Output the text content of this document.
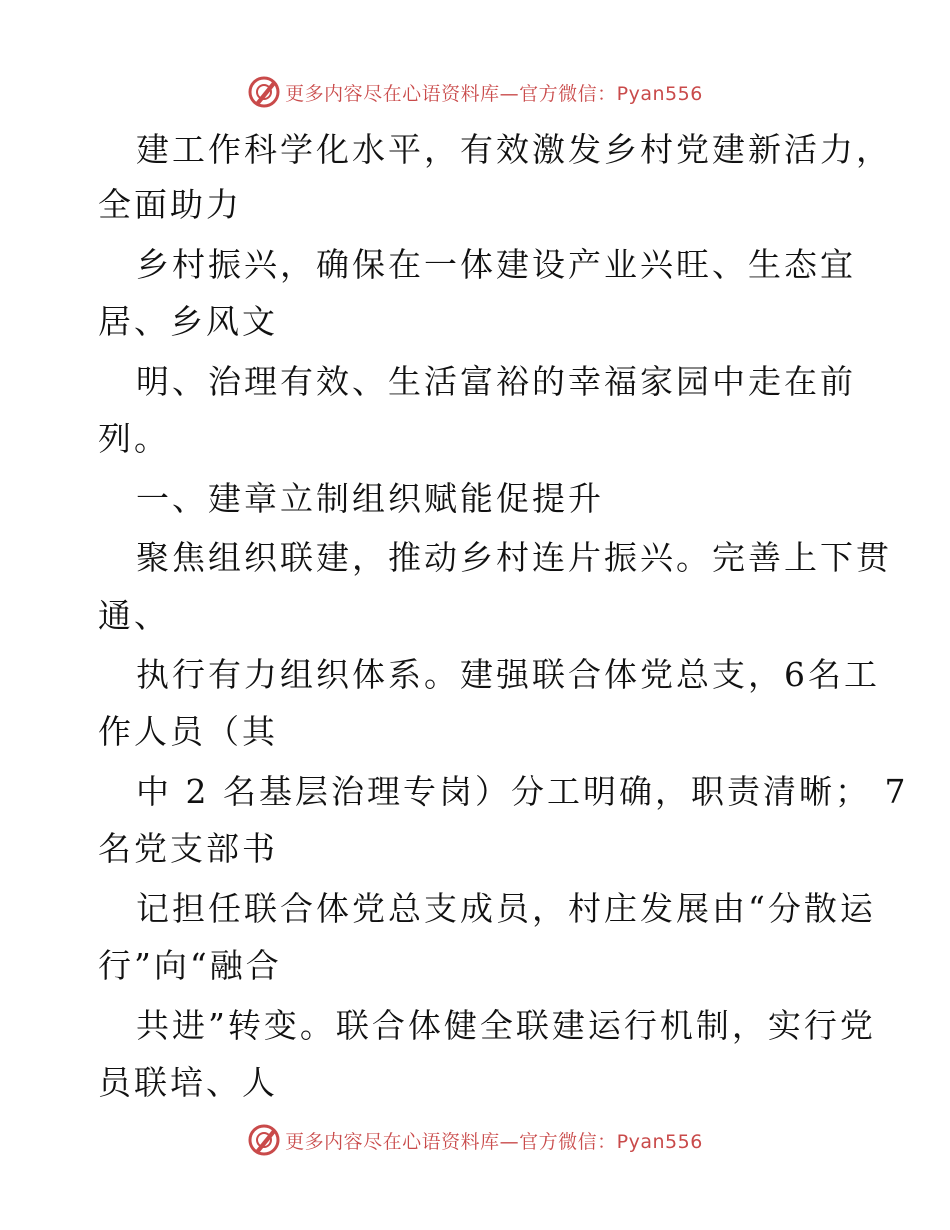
更多内容尽在心语资料库—官方微信：Pyan556
建工作科学化水平，有效激发乡村党建新活力，
全面助力
乡村振兴，确保在一体建设产业兴旺、生态宜
居、乡风文
明、治理有效、生活富裕的幸福家园中走在前
列。
一、建章立制组织赋能促提升
聚焦组织联建，推动乡村连片振兴。完善上下贯
通、
执行有力组织体系。建强联合体党总支，6名工
作人员（其
中 2 名基层治理专岗）分工明确，职责清晰； 7
名党支部书
记担任联合体党总支成员，村庄发展由“分散运
行”向“融合
共进”转变。联合体健全联建运行机制，实行党
员联培、人
更多内容尽在心语资料库—官方微信：Pyan556
